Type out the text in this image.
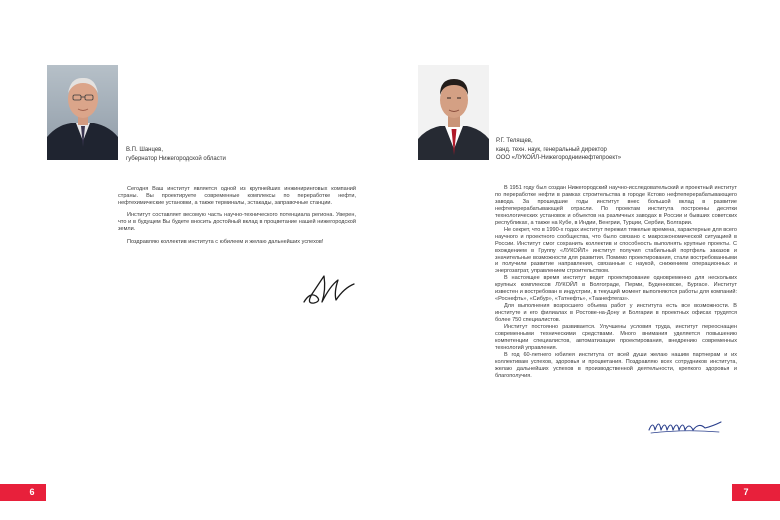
В.П. Шанцев,
губернатор Нижегородской области

Сегодня Ваш институт является одной из крупнейших инжиниринговых компаний страны. Вы проектируете современные комплексы по переработке нефти, нефтехимические установки, а также терминалы, эстакады, заправочные станции.

Институт составляет весомую часть научно-технического потенциала региона. Уверен, что и в будущем Вы будете вносить достойный вклад в процветание нашей нижегородской земли.

Поздравляю коллектив института с юбилеем и желаю дальнейших успехов!

6
Р.Г. Телящев,
канд. техн. наук, генеральный директор
ООО «ЛУКОЙЛ-Нижегородниинефтепроект»

В 1951 году был создан Нижегородский научно-исследовательский и проектный институт по переработке нефти в рамках строительства в городе Кстово нефтеперерабатывающего завода. За прошедшие годы институт внес большой вклад в развитие нефтеперерабатывающей отрасли. По проектам института построены десятки технологических установок и объектов на различных заводах в России и бывших советских республиках, а также на Кубе, в Индии, Венгрии, Турции, Сербии, Болгарии.

Не секрет, что в 1990-х годах институт пережил тяжелые времена, характерные для всего научного и проектного сообщества, что было связано с макроэкономической ситуацией в России. Институт смог сохранить коллектив и способность выполнять крупные проекты. С вхождением в Группу «ЛУКОЙЛ» институт получил стабильный портфель заказов и значительные возможности для развития. Помимо проектирования, стали востребованными и получили развитие направления, связанные с наукой, снижением операционных и энергозатрат, управлением строительством.

В настоящее время институт ведет проектирование одновременно для нескольких крупных комплексов ЛУКОЙЛ в Волгограде, Перми, Буденновске, Бургасе. Институт известен и востребован в индустрии, в текущий момент выполняются работы для компаний: «Роснефть», «Сибур», «Татнефть», «Таанефтегаз».

Для выполнения возросшего объема работ у института есть все возможности. В институте и его филиалах в Ростове-на-Дону и Болгарии в проектных офисах трудятся более 750 специалистов.

Институт постоянно развивается. Улучшены условия труда, институт переоснащен современными техническими средствами. Много внимания уделяется повышению компетенции специалистов, автоматизации проектирования, внедрению современных технологий управления.

В год 60-летнего юбилея института от всей души желаю нашим партнерам и их коллективам успехов, здоровья и процветания. Поздравляю всех сотрудников института, желаю дальнейших успехов в производственной деятельности, крепкого здоровья и благополучия.

7
